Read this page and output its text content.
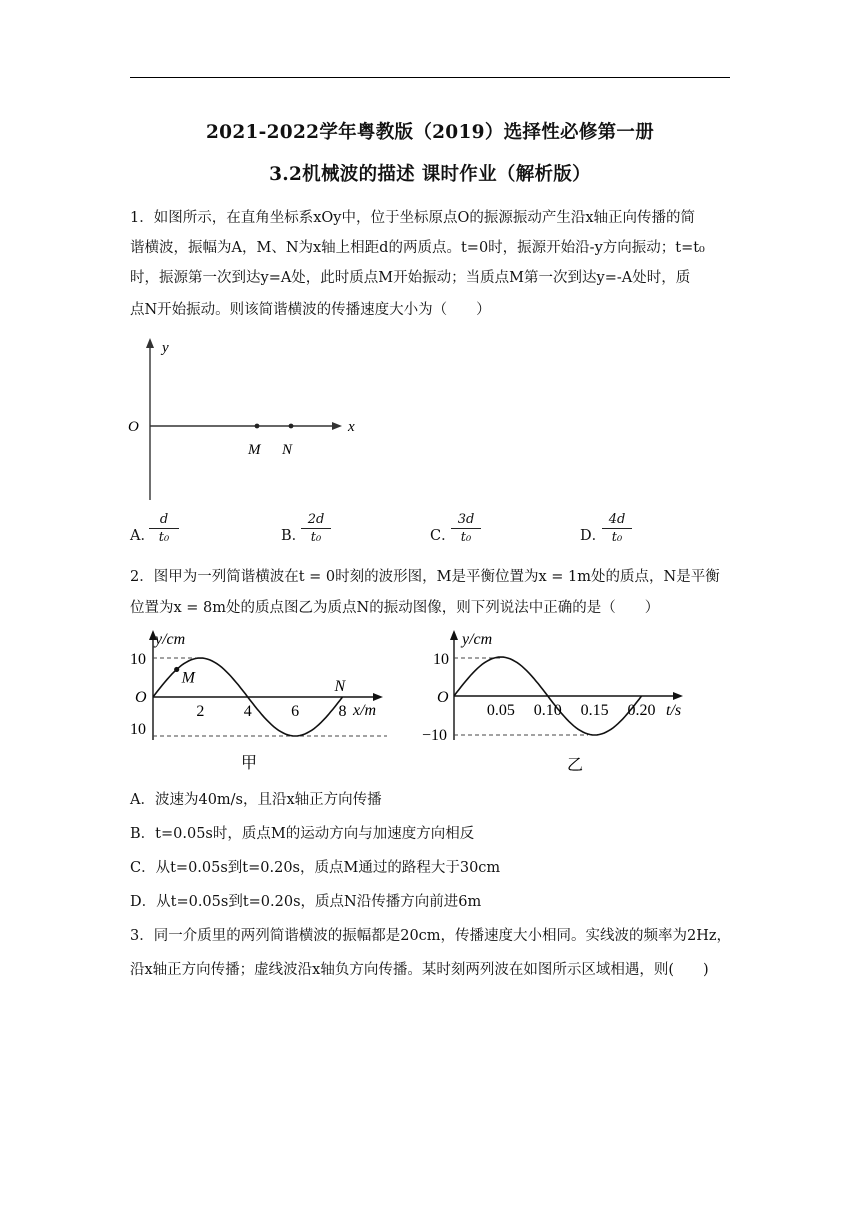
2021-2022学年粤教版（2019）选择性必修第一册
3.2机械波的描述 课时作业（解析版）
1．如图所示，在直角坐标系xOy中，位于坐标原点O的振源振动产生沿x轴正向传播的简
谐横波，振幅为A，M、N为x轴上相距d的两质点。t=0时，振源开始沿-y方向振动；t=t₀
时，振源第一次到达y=A处，此时质点M开始振动；当质点M第一次到达y=-A处时，质
点N开始振动。则该简谐横波的传播速度大小为（　　）
y
x
O
M N
A．
$\frac{d}{\text{t₀}}$	B．
$\frac{2d}{\text{t₀}}$	C．
$\frac{3d}{\text{t₀}}$	D．
$\frac{4d}{\text{t₀}}$
2．图甲为一列简谐横波在t = 0时刻的波形图，M是平衡位置为x = 1m处的质点，N是平衡
位置为x = 8m处的质点图乙为质点N的振动图像，则下列说法中正确的是（　　）
y/cm
x/m
O
10
10
2 4 6 8
M
N
甲
y/cm
t/s
O
10
−10
0.05 0.10 0.15 0.20
乙
A．波速为40m/s，且沿x轴正方向传播
B．t=0.05s时，质点M的运动方向与加速度方向相反
C．从t=0.05s到t=0.20s，质点M通过的路程大于30cm
D．从t=0.05s到t=0.20s，质点N沿传播方向前进6m
3．同一介质里的两列简谐横波的振幅都是20cm，传播速度大小相同。实线波的频率为2Hz，
沿x轴正方向传播；虚线波沿x轴负方向传播。某时刻两列波在如图所示区域相遇，则(　　)
